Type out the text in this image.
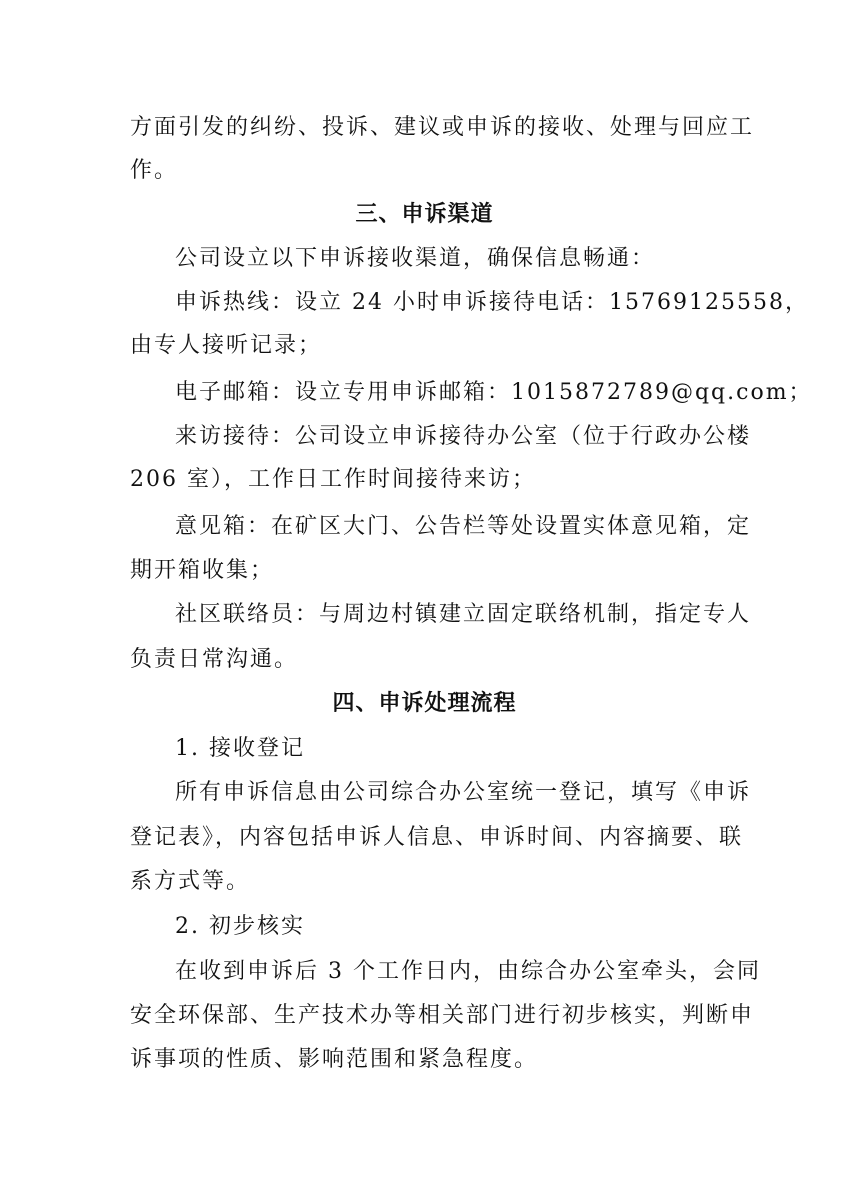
方面引发的纠纷、投诉、建议或申诉的接收、处理与回应工
作。
三、申诉渠道
公司设立以下申诉接收渠道，确保信息畅通：
申诉热线：设立 24 小时申诉接待电话：15769125558，
由专人接听记录；
电子邮箱：设立专用申诉邮箱：1015872789@qq.com；
来访接待：公司设立申诉接待办公室（位于行政办公楼
206 室），工作日工作时间接待来访；
意见箱：在矿区大门、公告栏等处设置实体意见箱，定
期开箱收集；
社区联络员：与周边村镇建立固定联络机制，指定专人
负责日常沟通。
四、申诉处理流程
1. 接收登记
所有申诉信息由公司综合办公室统一登记，填写《申诉
登记表》，内容包括申诉人信息、申诉时间、内容摘要、联
系方式等。
2. 初步核实
在收到申诉后 3 个工作日内，由综合办公室牵头，会同
安全环保部、生产技术办等相关部门进行初步核实，判断申
诉事项的性质、影响范围和紧急程度。
